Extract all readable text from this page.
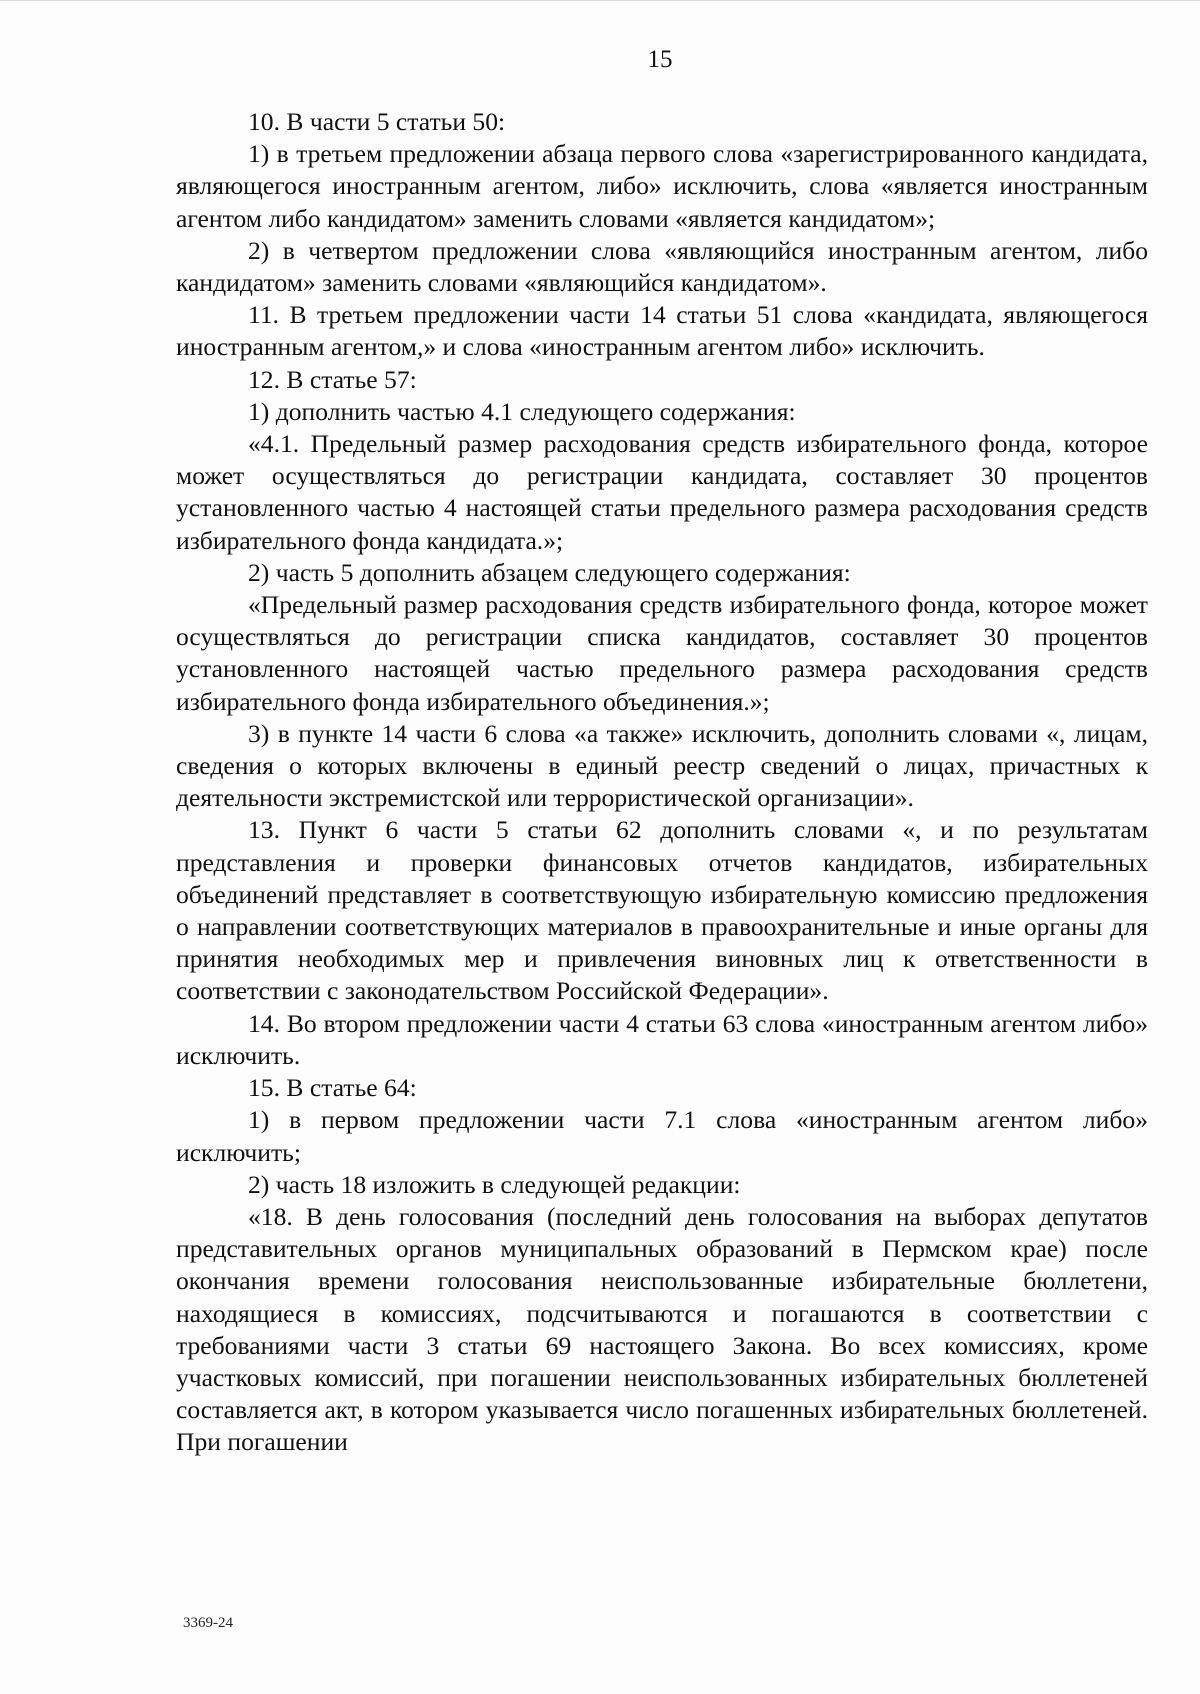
15

10. В части 5 статьи 50:

1) в третьем предложении абзаца первого слова «зарегистрированного кандидата, являющегося иностранным агентом, либо» исключить, слова «является иностранным агентом либо кандидатом» заменить словами «является кандидатом»;

2) в четвертом предложении слова «являющийся иностранным агентом, либо кандидатом» заменить словами «являющийся кандидатом».

11. В третьем предложении части 14 статьи 51 слова «кандидата, являющегося иностранным агентом,» и слова «иностранным агентом либо» исключить.

12. В статье 57:

1) дополнить частью 4.1 следующего содержания:

«4.1. Предельный размер расходования средств избирательного фонда, которое может осуществляться до регистрации кандидата, составляет 30 процентов установленного частью 4 настоящей статьи предельного размера расходования средств избирательного фонда кандидата.»;

2) часть 5 дополнить абзацем следующего содержания:

«Предельный размер расходования средств избирательного фонда, которое может осуществляться до регистрации списка кандидатов, составляет 30 процентов установленного настоящей частью предельного размера расходования средств избирательного фонда избирательного объединения.»;

3) в пункте 14 части 6 слова «а также» исключить, дополнить словами «, лицам, сведения о которых включены в единый реестр сведений о лицах, причастных к деятельности экстремистской или террористической организации».

13. Пункт 6 части 5 статьи 62 дополнить словами «, и по результатам представления и проверки финансовых отчетов кандидатов, избирательных объединений представляет в соответствующую избирательную комиссию предложения о направлении соответствующих материалов в правоохранительные и иные органы для принятия необходимых мер и привлечения виновных лиц к ответственности в соответствии с законодательством Российской Федерации».

14. Во втором предложении части 4 статьи 63 слова «иностранным агентом либо» исключить.

15. В статье 64:

1) в первом предложении части 7.1 слова «иностранным агентом либо» исключить;

2) часть 18 изложить в следующей редакции:

«18. В день голосования (последний день голосования на выборах депутатов представительных органов муниципальных образований в Пермском крае) после окончания времени голосования неиспользованные избирательные бюллетени, находящиеся в комиссиях, подсчитываются и погашаются в соответствии с требованиями части 3 статьи 69 настоящего Закона. Во всех комиссиях, кроме участковых комиссий, при погашении неиспользованных избирательных бюллетеней составляется акт, в котором указывается число погашенных избирательных бюллетеней. При погашении

3369-24
